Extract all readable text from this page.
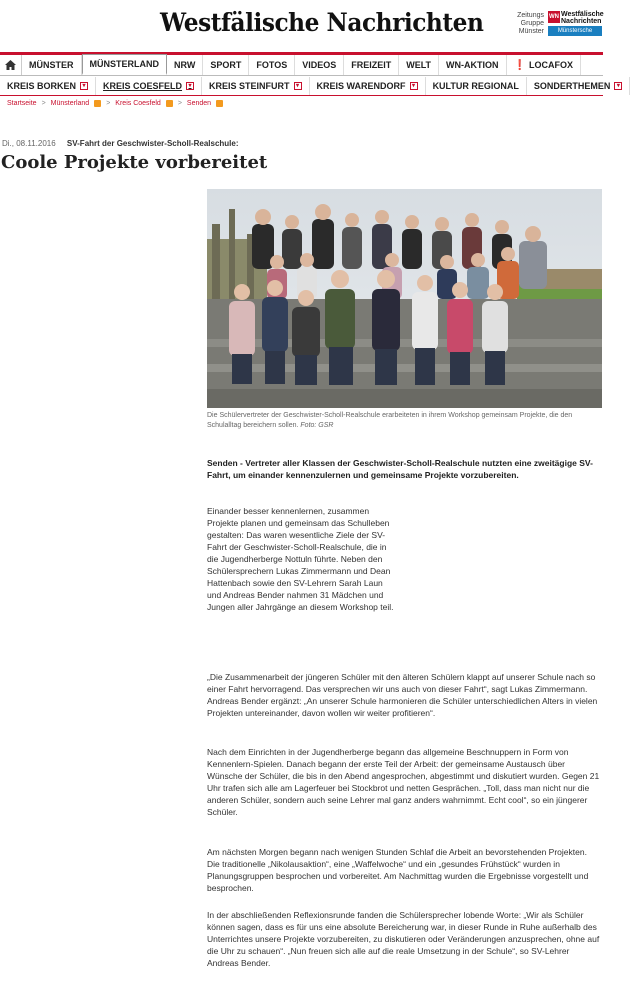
Westfälische Nachrichten	Zeitungs
Gruppe
Münster
WN Westfälische Nachrichten
Münstersche Zeitung
MÜNSTER	MÜNSTERLAND	NRW	SPORT	FOTOS	VIDEOS	FREIZEIT	WELT	WN-AKTION	❗ LOCAFOX
KREIS BORKEN	▾ KREIS COESFELD	▾ KREIS STEINFURT	▾ KREIS WARENDORF	▾ KULTUR REGIONAL SONDERTHEMEN	▾
Startseite > Münsterland > Kreis Coesfeld > Senden
Di., 08.11.2016 SV-Fahrt der Geschwister-Scholl-Realschule:
Coole Projekte vorbereitet
Die Schülervertreter der Geschwister-Scholl-Realschule erarbeiteten in ihrem Workshop gemeinsam Projekte, die den Schulalltag bereichern sollen. Foto: GSR

Senden - Vertreter aller Klassen der Geschwister-Scholl-Realschule nutzten eine zweitägige SV-Fahrt, um einander kennenzulernen und gemeinsame Projekte vorzubereiten.

Einander besser kennenlernen, zusammen Projekte planen und gemeinsam das Schulleben gestalten: Das waren wesentliche Ziele der SV-Fahrt der Geschwister-Scholl-Realschule, die in die Jugendherberge Nottuln führte. Neben den Schülersprechern Lukas Zimmermann und Dean Hattenbach sowie den SV-Lehrern Sarah Laun und Andreas Bender nahmen 31 Mädchen und Jungen aller Jahrgänge an diesem Workshop teil.

„Die Zusammenarbeit der jüngeren Schüler mit den älteren Schülern klappt auf unserer Schule nach so einer Fahrt hervorragend. Das versprechen wir uns auch von dieser Fahrt“, sagt Lukas Zimmermann. Andreas Bender ergänzt: „An unserer Schule harmonieren die Schüler unterschiedlichen Alters in vielen Projekten untereinander, davon wollen wir weiter profitieren“.

Nach dem Einrichten in der Jugendherberge begann das allgemeine Beschnuppern in Form von Kennenlern-Spielen. Danach begann der erste Teil der Arbeit: der gemeinsame Austausch über Wünsche der Schüler, die bis in den Abend angesprochen, abgestimmt und diskutiert wurden. Gegen 21 Uhr trafen sich alle am Lagerfeuer bei Stockbrot und netten Gesprächen. „Toll, dass man nicht nur die anderen Schüler, sondern auch seine Lehrer mal ganz anders wahrnimmt. Echt cool“, so ein jüngerer Schüler.

Am nächsten Morgen begann nach wenigen Stunden Schlaf die Arbeit an bevorstehenden Projekten. Die traditionelle „Nikolausaktion“, eine „Waffelwoche“ und ein „gesundes Frühstück“ wurden in Planungsgruppen besprochen und vorbereitet. Am Nachmittag wurden die Ergebnisse vorgestellt und besprochen.

In der abschließenden Reflexionsrunde fanden die Schülersprecher lobende Worte: „Wir als Schüler können sagen, dass es für uns eine absolute Bereicherung war, in dieser Runde in Ruhe außerhalb des Unterrichtes unsere Projekte vorzubereiten, zu diskutieren oder Veränderungen anzusprechen, ohne auf die Uhr zu schauen“. „Nun freuen sich alle auf die reale Umsetzung in der Schule“, so SV-Lehrer Andreas Bender.
